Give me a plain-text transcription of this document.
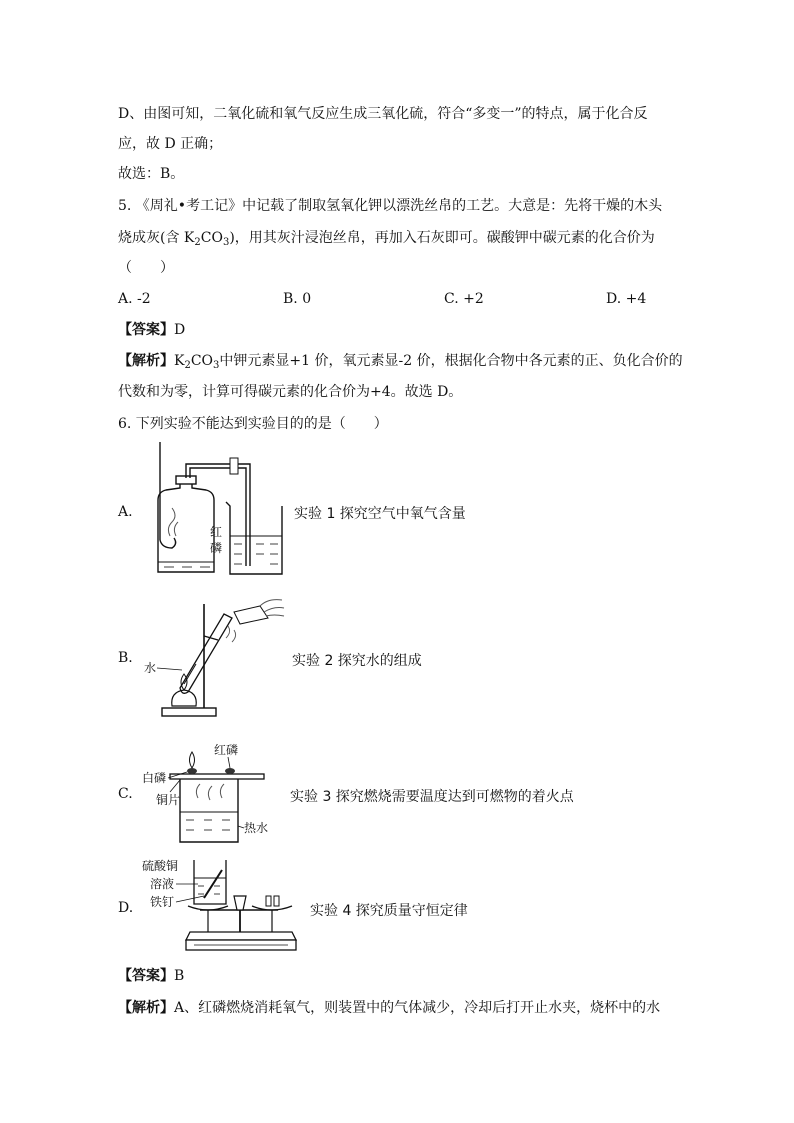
D、由图可知，二氧化硫和氧气反应生成三氧化硫，符合“多变一”的特点，属于化合反
应，故 D 正确；
故选：B。
5. 《周礼•考工记》中记载了制取氢氧化钾以漂洗丝帛的工艺。大意是：先将干燥的木头
烧成灰(含 $K_2CO_3$)，用其灰汁浸泡丝帛，再加入石灰即可。碳酸钾中碳元素的化合价为
（　　）
A. -2	B. 0	C. +2	D. +4
【答案】D
【解析】$K_2CO_3$中钾元素显+1 价，氧元素显-2 价，根据化合物中各元素的正、负化合价的
代数和为零，计算可得碳元素的化合价为+4。故选 D。
6. 下列实验不能达到实验目的的是（　　）
A.
红
磷
实验 1 探究空气中氧气含量
B.
水	实验 2 探究水的组成
C.
红磷
白磷
铜片
热水
实验 3 探究燃烧需要温度达到可燃物的着火点
D.
硫酸铜
溶液
铁钉
实验 4 探究质量守恒定律
【答案】B
【解析】A、红磷燃烧消耗氧气，则装置中的气体减少，冷却后打开止水夹，烧杯中的水
